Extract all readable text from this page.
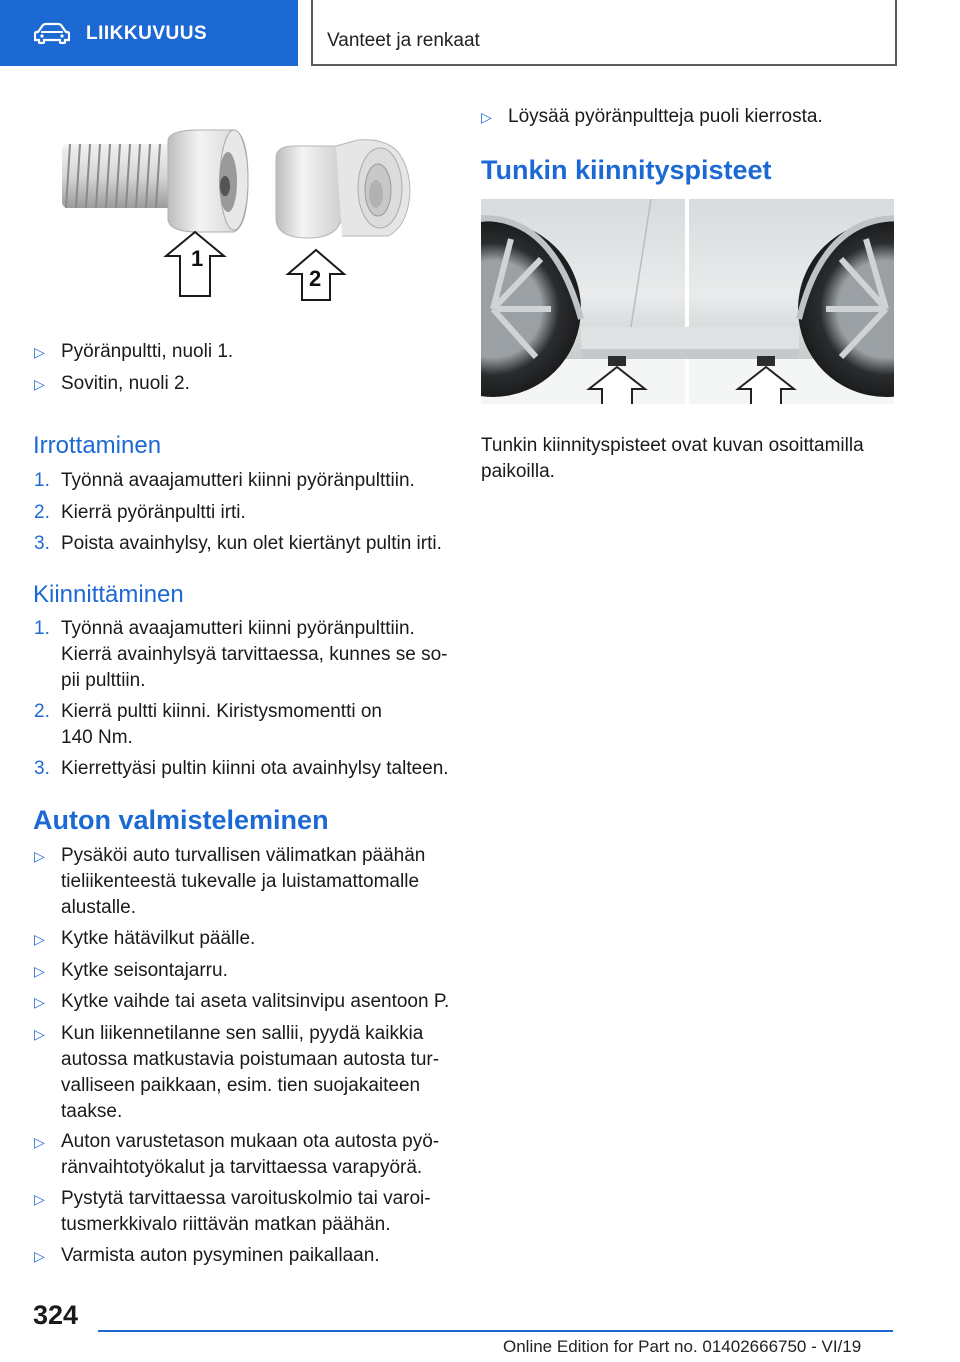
LIIKKUVUUS	Vanteet ja renkaat
1
2
▷ Pyöränpultti, nuoli 1.
▷ Sovitin, nuoli 2.
Irrottaminen
1. Työnnä avaajamutteri kiinni pyöränpulttiin.
2. Kierrä pyöränpultti irti.
3. Poista avainhylsy, kun olet kiertänyt pultin irti.
Kiinnittäminen
1. Työnnä avaajamutteri kiinni pyöränpulttiin.
Kierrä avainhylsyä tarvittaessa, kunnes se so-
pii pulttiin.
2. Kierrä pultti kiinni. Kiristysmomentti on
140 Nm.
3. Kierrettyäsi pultin kiinni ota avainhylsy talteen.
Auton valmisteleminen
▷ Pysäköi auto turvallisen välimatkan päähän
tieliikenteestä tukevalle ja luistamattomalle
alustalle.
▷ Kytke hätävilkut päälle.
▷ Kytke seisontajarru.
▷ Kytke vaihde tai aseta valitsinvipu asentoon P.
▷ Kun liikennetilanne sen sallii, pyydä kaikkia
autossa matkustavia poistumaan autosta tur-
valliseen paikkaan, esim. tien suojakaiteen
taakse.
▷ Auton varustetason mukaan ota autosta pyö-
ränvaihtotyökalut ja tarvittaessa varapyörä.
▷ Pystytä tarvittaessa varoituskolmio tai varoi-
tusmerkkivalo riittävän matkan päähän.
▷ Varmista auton pysyminen paikallaan.
▷ Löysää pyöränpultteja puoli kierrosta.
Tunkin kiinnityspisteet
Tunkin kiinnityspisteet ovat kuvan osoittamilla
paikoilla.
324
Online Edition for Part no. 01402666750 - VI/19
